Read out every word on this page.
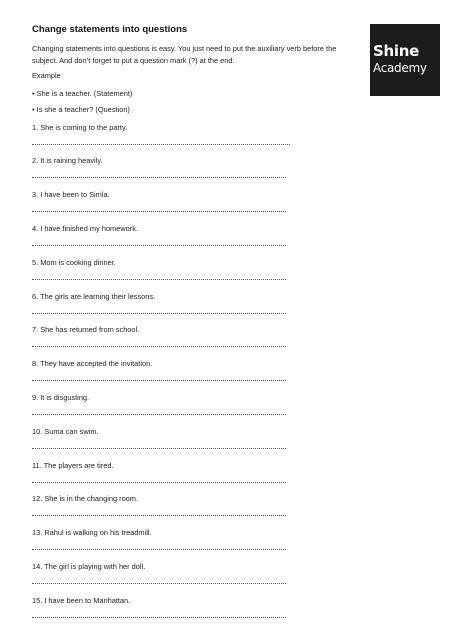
Change statements into questions
Changing statements into questions is easy. You just need to put the auxiliary verb before the subject. And don’t forget to put a question mark (?) at the end.
Example
• She is a teacher. (Statement)
• Is she a teacher? (Question)
1. She is coming to the party.
2. It is raining heavily.
3. I have been to Simla.
4. I have finished my homework.
5. Mom is cooking dinner.
6. The girls are learning their lessons.
7. She has returned from school.
8. They have accepted the invitation.
9. It is disgusting.
10. Suma can swim.
11. The players are tired.
12. She is in the changing room.
13. Rahul is walking on his treadmill.
14. The girl is playing with her doll.
15. I have been to Manhattan.
Shine
Academy
